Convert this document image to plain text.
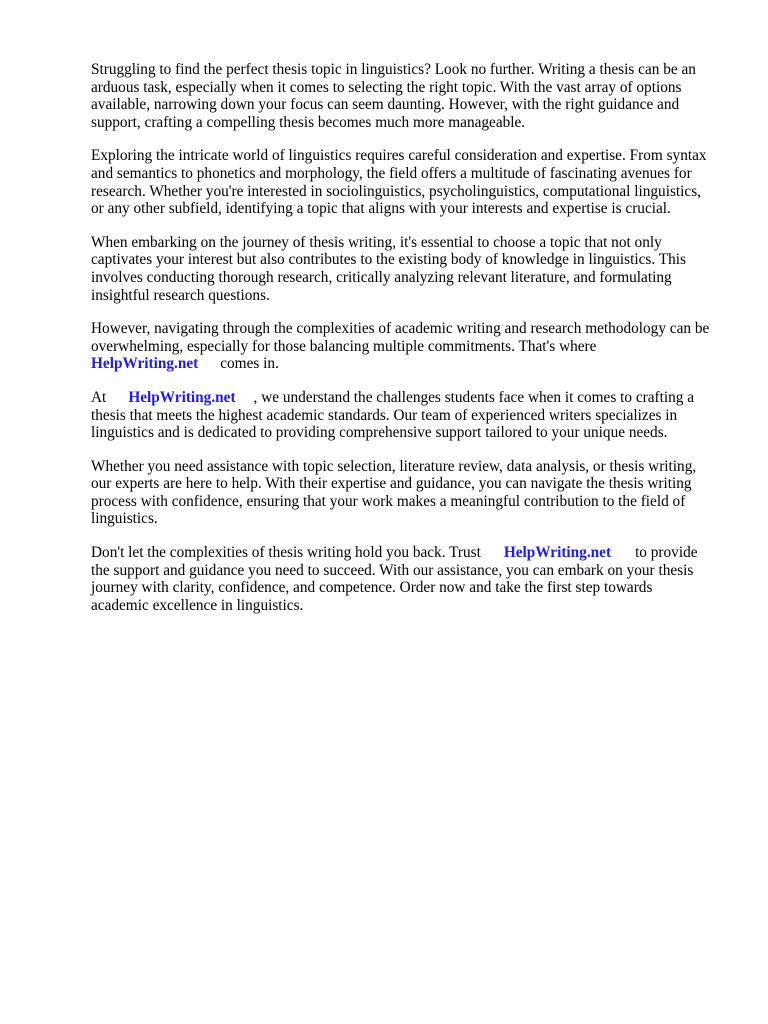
Struggling to find the perfect thesis topic in linguistics? Look no further. Writing a thesis can be an
arduous task, especially when it comes to selecting the right topic. With the vast array of options
available, narrowing down your focus can seem daunting. However, with the right guidance and
support, crafting a compelling thesis becomes much more manageable.

Exploring the intricate world of linguistics requires careful consideration and expertise. From syntax
and semantics to phonetics and morphology, the field offers a multitude of fascinating avenues for
research. Whether you're interested in sociolinguistics, psycholinguistics, computational linguistics,
or any other subfield, identifying a topic that aligns with your interests and expertise is crucial.

When embarking on the journey of thesis writing, it's essential to choose a topic that not only
captivates your interest but also contributes to the existing body of knowledge in linguistics. This
involves conducting thorough research, critically analyzing relevant literature, and formulating
insightful research questions.

However, navigating through the complexities of academic writing and research methodology can be
overwhelming, especially for those balancing multiple commitments. That's where
HelpWriting.net comes in.

At HelpWriting.net , we understand the challenges students face when it comes to crafting a
thesis that meets the highest academic standards. Our team of experienced writers specializes in
linguistics and is dedicated to providing comprehensive support tailored to your unique needs.

Whether you need assistance with topic selection, literature review, data analysis, or thesis writing,
our experts are here to help. With their expertise and guidance, you can navigate the thesis writing
process with confidence, ensuring that your work makes a meaningful contribution to the field of
linguistics.

Don't let the complexities of thesis writing hold you back. Trust HelpWriting.net to provide
the support and guidance you need to succeed. With our assistance, you can embark on your thesis
journey with clarity, confidence, and competence. Order now and take the first step towards
academic excellence in linguistics.
